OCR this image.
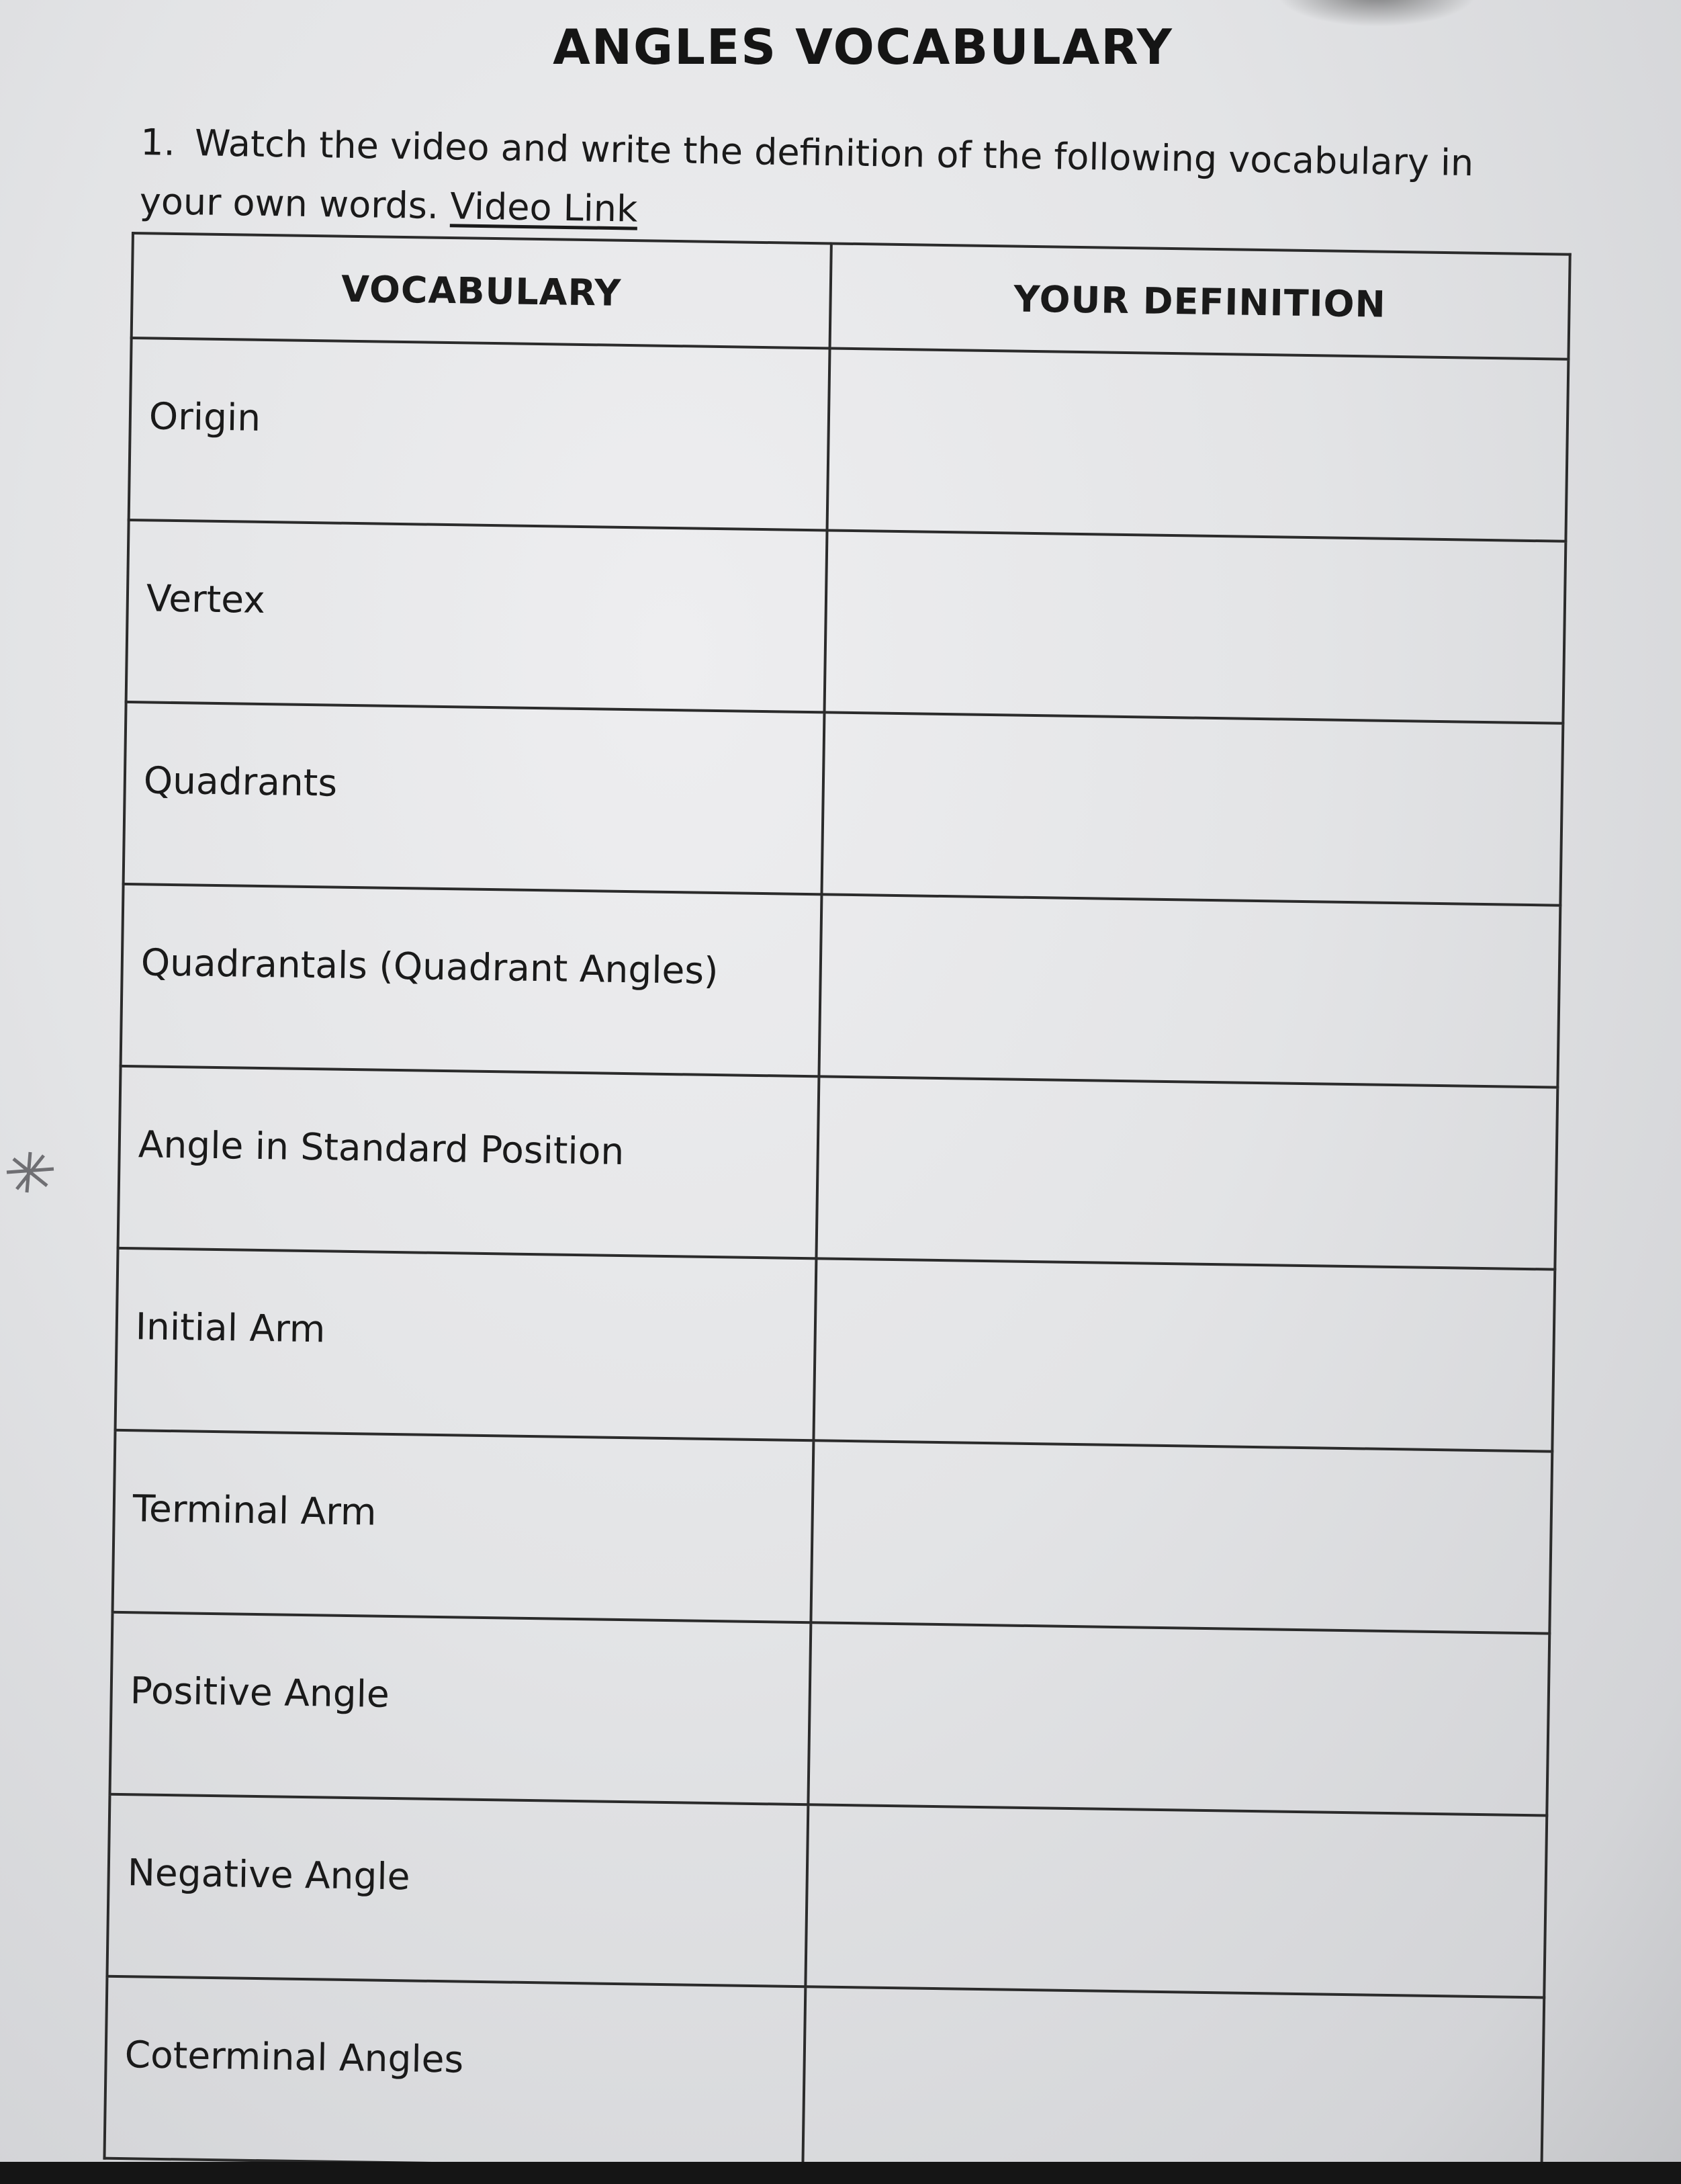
ANGLES VOCABULARY
1. Watch the video and write the definition of the following vocabulary in your own words. Video Link
VOCABULARY	YOUR DEFINITION
Origin	
Vertex	
Quadrants	
Quadrantals (Quadrant Angles)	
Angle in Standard Position	
Initial Arm	
Terminal Arm	
Positive Angle	
Negative Angle	
Coterminal Angles	
